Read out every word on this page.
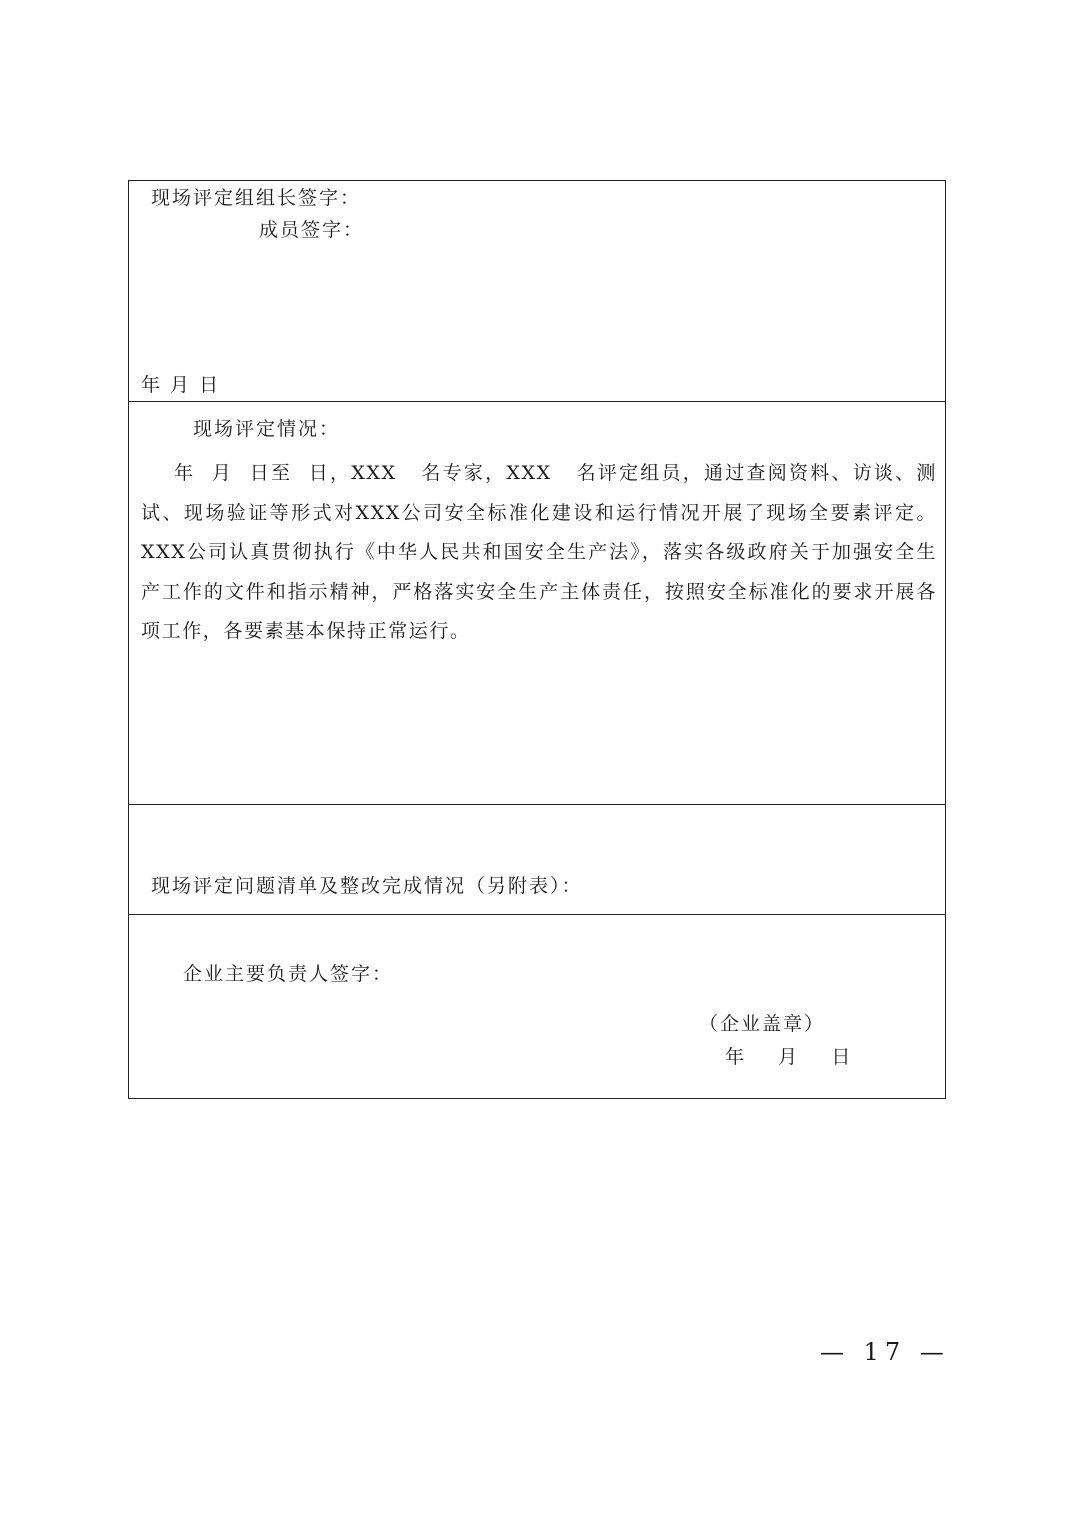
现场评定组组长签字：
成员签字：
年 月 日
现场评定情况：
年  月  日至  日，XXX   名专家，XXX   名评定组员，通过查阅资料、访谈、测试、现场验证等形式对XXX公司安全标准化建设和运行情况开展了现场全要素评定。XXX公司认真贯彻执行《中华人民共和国安全生产法》，落实各级政府关于加强安全生产工作的文件和指示精神，严格落实安全生产主体责任，按照安全标准化的要求开展各项工作，各要素基本保持正常运行。
现场评定问题清单及整改完成情况（另附表）：
企业主要负责人签字：
（企业盖章）
年    月    日
— 17 —
